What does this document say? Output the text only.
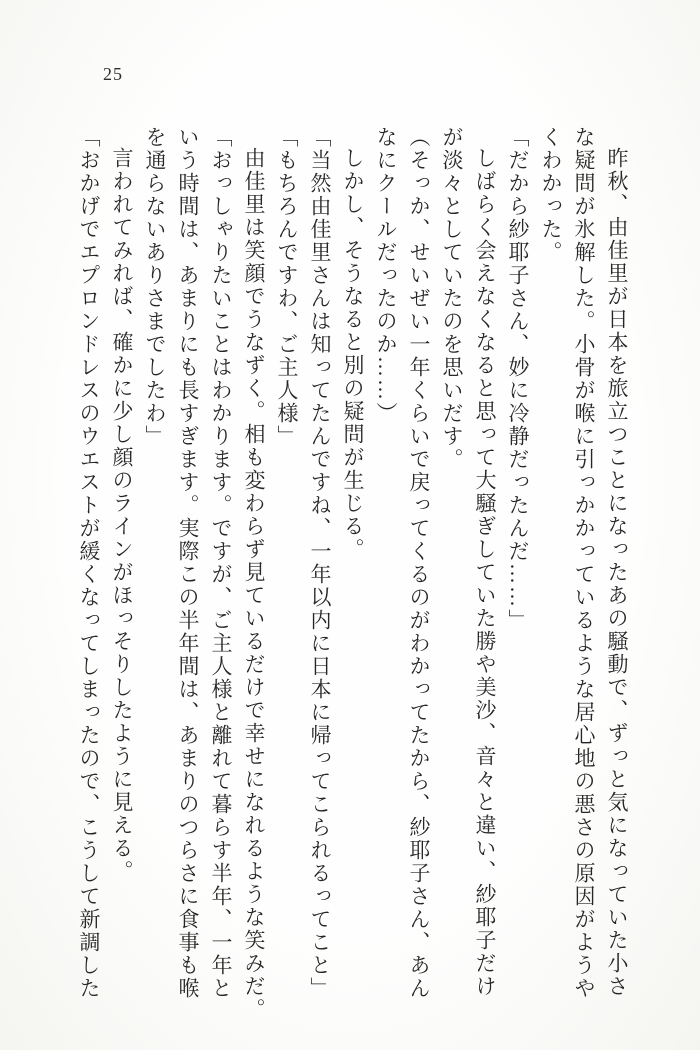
25
昨秋、由佳里が日本を旅立つことになったあの騒動で、ずっと気になっていた小さ
な疑問が氷解した。小骨が喉に引っかかっているような居心地の悪さの原因がようや
くわかった。
「だから紗耶子さん、妙に冷静だったんだ……」
しばらく会えなくなると思って大騒ぎしていた勝や美沙、音々と違い、紗耶子だけ
が淡々としていたのを思いだす。
（そっか、せいぜい一年くらいで戻ってくるのがわかってたから、紗耶子さん、あん
なにクールだったのか……）
しかし、そうなると別の疑問が生じる。
「当然由佳里さんは知ってたんですね、一年以内に日本に帰ってこられるってこと」
「もちろんですわ、ご主人様」
由佳里は笑顔でうなずく。相も変わらず見ているだけで幸せになれるような笑みだ。
「おっしゃりたいことはわかります。ですが、ご主人様と離れて暮らす半年、一年と
いう時間は、あまりにも長すぎます。実際この半年間は、あまりのつらさに食事も喉
を通らないありさまでしたわ」
言われてみれば、確かに少し顔のラインがほっそりしたように見える。
「おかげでエプロンドレスのウエストが緩くなってしまったので、こうして新調した
